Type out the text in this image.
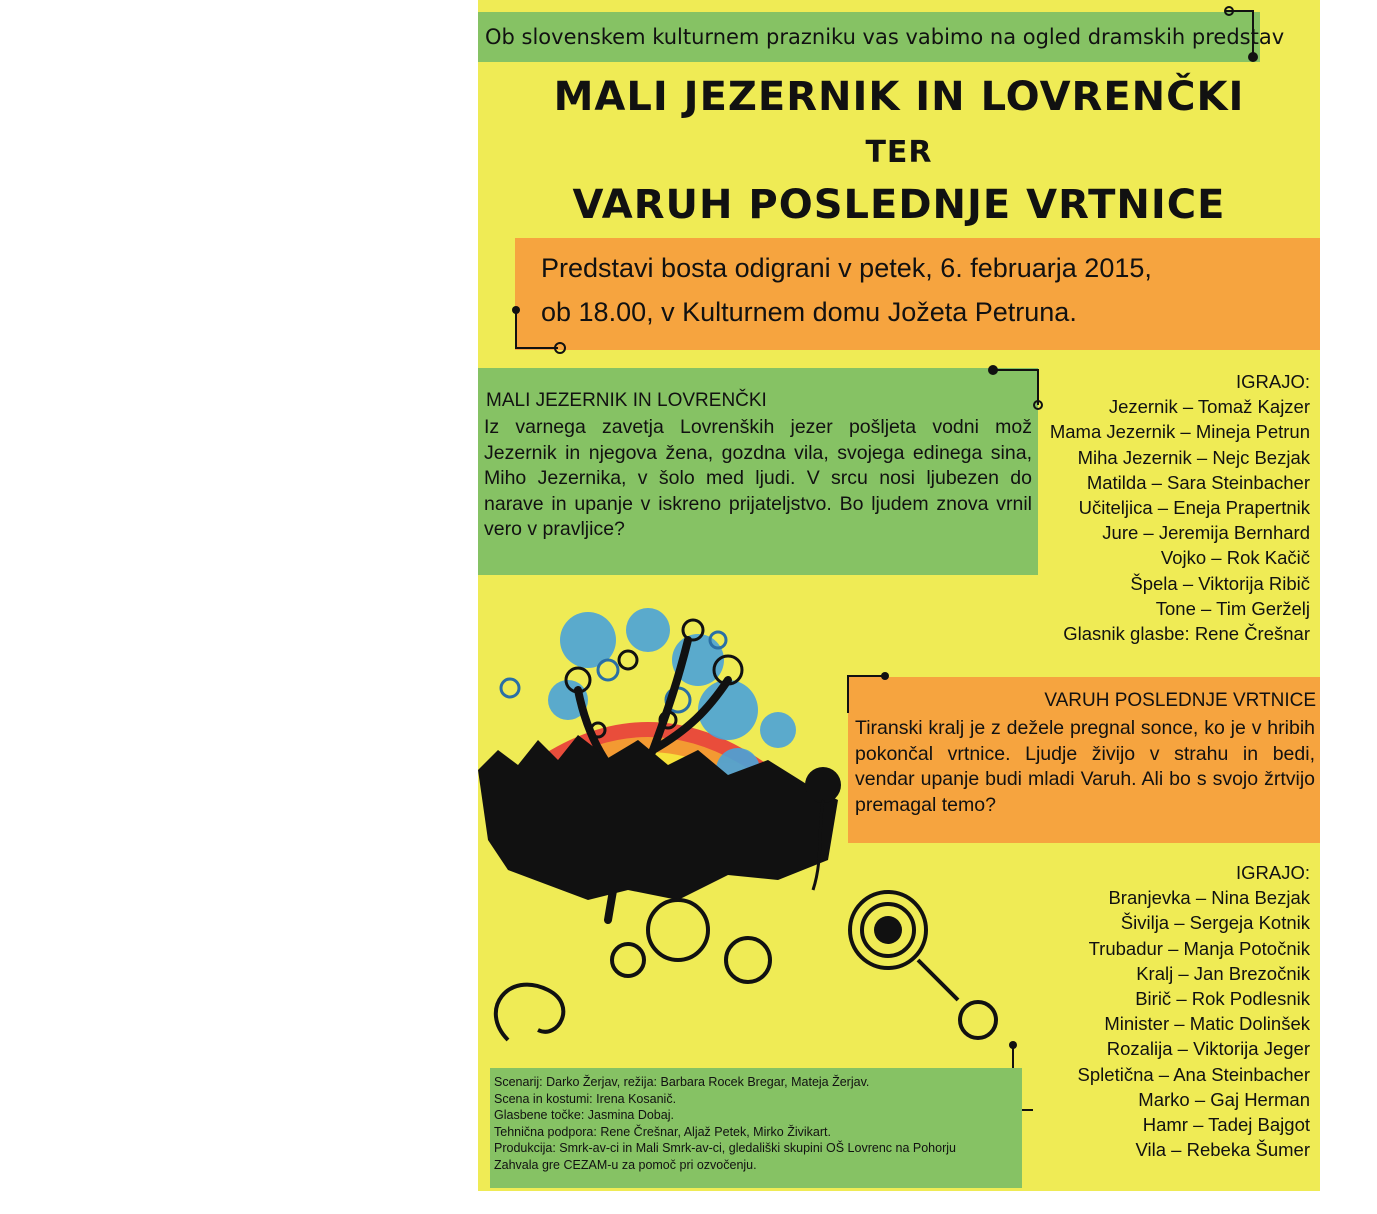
Ob slovenskem kulturnem prazniku vas vabimo na ogled dramskih predstav
MALI JEZERNIK IN LOVRENČKI
TER
VARUH POSLEDNJE VRTNICE
Predstavi bosta odigrani v petek, 6. februarja 2015,
ob 18.00, v Kulturnem domu Jožeta Petruna.
MALI JEZERNIK IN LOVRENČKI
Iz varnega zavetja Lovrenških jezer pošljeta vodni mož Jezernik in njegova žena, gozdna vila, svojega edinega sina, Miho Jezernika, v šolo med ljudi. V srcu nosi ljubezen do narave in upanje v iskreno prijateljstvo. Bo ljudem znova vrnil vero v pravljice?
IGRAJO:
Jezernik – Tomaž Kajzer
Mama Jezernik – Mineja Petrun
Miha Jezernik – Nejc Bezjak
Matilda – Sara Steinbacher
Učiteljica – Eneja Prapertnik
Jure – Jeremija Bernhard
Vojko – Rok Kačič
Špela – Viktorija Ribič
Tone – Tim Gerželj
Glasnik glasbe: Rene Črešnar
VARUH POSLEDNJE VRTNICE
Tiranski kralj je z dežele pregnal sonce, ko je v hribih pokončal vrtnice. Ljudje živijo v strahu in bedi, vendar upanje budi mladi Varuh. Ali bo s svojo žrtvijo premagal temo?
IGRAJO:
Branjevka – Nina Bezjak
Šivilja – Sergeja Kotnik
Trubadur – Manja Potočnik
Kralj – Jan Brezočnik
Birič – Rok Podlesnik
Minister – Matic Dolinšek
Rozalija – Viktorija Jeger
Spletična – Ana Steinbacher
Marko – Gaj Herman
Hamr – Tadej Bajgot
Vila – Rebeka Šumer
Scenarij: Darko Žerjav, režija: Barbara Rocek Bregar, Mateja Žerjav.
Scena in kostumi: Irena Kosanič.
Glasbene točke: Jasmina Dobaj.
Tehnična podpora: Rene Črešnar, Aljaž Petek, Mirko Živikart.
Produkcija: Smrk-av-ci in Mali Smrk-av-ci, gledališki skupini OŠ Lovrenc na Pohorju
Zahvala gre CEZAM-u za pomoč pri ozvočenju.
